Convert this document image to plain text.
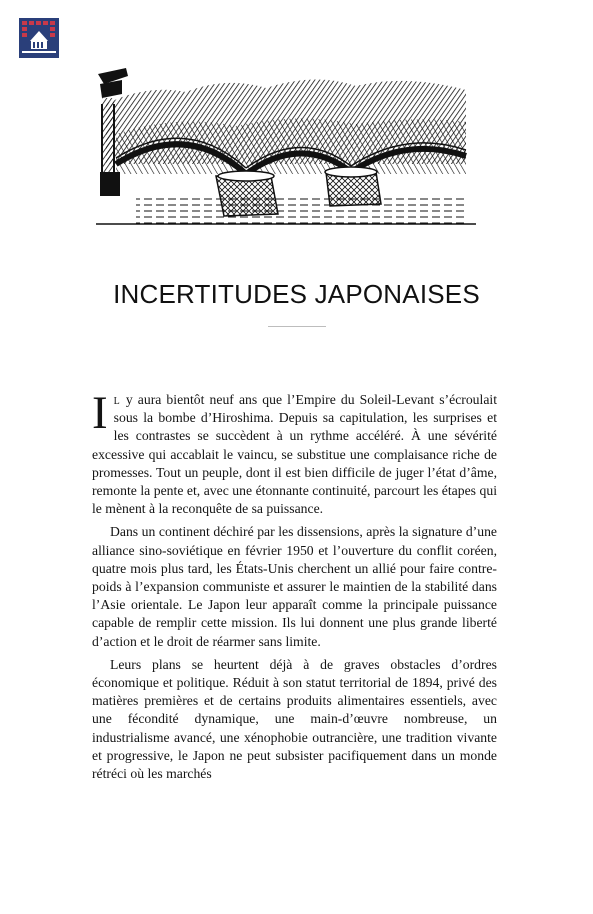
INCERTITUDES JAPONAISES

Il y aura bientôt neuf ans que l’Empire du Soleil-Levant s’écroulait sous la bombe d’Hiroshima. Depuis sa capitulation, les surprises et les contrastes se succèdent à un rythme accéléré. À une sévérité excessive qui accablait le vaincu, se substitue une complaisance riche de promesses. Tout un peuple, dont il est bien difficile de juger l’état d’âme, remonte la pente et, avec une étonnante continuité, parcourt les étapes qui le mènent à la reconquête de sa puissance.

Dans un continent déchiré par les dissensions, après la signature d’une alliance sino-soviétique en février 1950 et l’ouverture du conflit coréen, quatre mois plus tard, les États-Unis cherchent un allié pour faire contre-poids à l’expansion communiste et assurer le maintien de la stabilité dans l’Asie orientale. Le Japon leur apparaît comme la principale puissance capable de remplir cette mission. Ils lui donnent une plus grande liberté d’action et le droit de réarmer sans limite.

Leurs plans se heurtent déjà à de graves obstacles d’ordres économique et politique. Réduit à son statut territorial de 1894, privé des matières premières et de certains produits alimentaires essentiels, avec une fécondité dynamique, une main-d’œuvre nombreuse, un industrialisme avancé, une xénophobie outrancière, une tradition vivante et progressive, le Japon ne peut subsister pacifiquement dans un monde rétréci où les marchés
